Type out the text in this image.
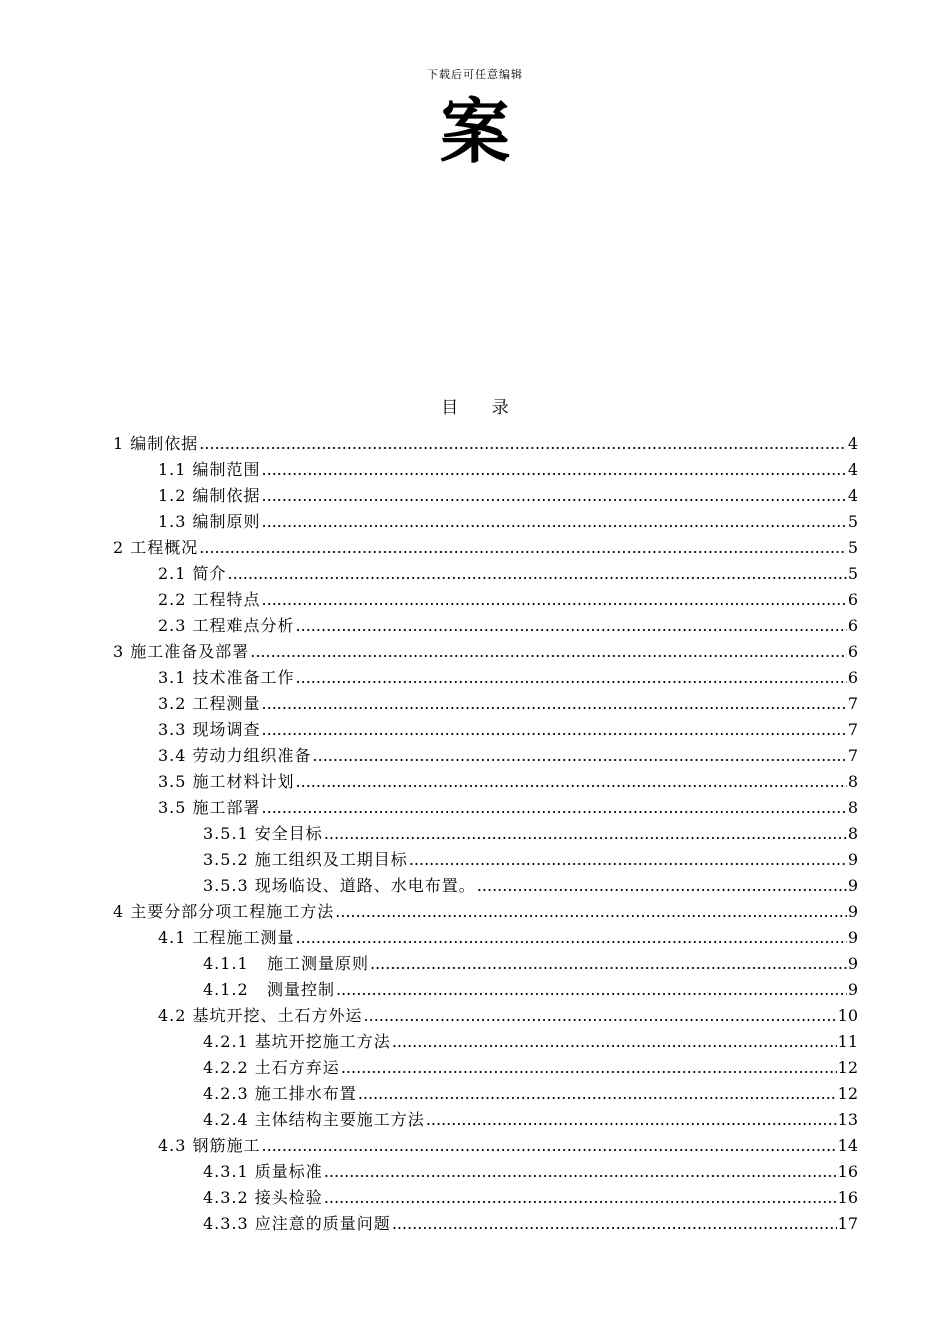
下载后可任意编辑
案
目 录
1 编制依据 .....	4
1.1 编制范围 .....	4
1.2 编制依据 .....	4
1.3 编制原则 .....	5
2 工程概况 .....	5
2.1 简介 .....	5
2.2 工程特点 .....	6
2.3 工程难点分析 .....	6
3 施工准备及部署 .....	6
3.1 技术准备工作 .....	6
3.2 工程测量 .....	7
3.3 现场调查 .....	7
3.4 劳动力组织准备 .....	7
3.5 施工材料计划 .....	8
3.5 施工部署 .....	8
3.5.1 安全目标 .....	8
3.5.2 施工组织及工期目标 .....	9
3.5.3 现场临设、道路、水电布置。 .....	9
4 主要分部分项工程施工方法 .....	9
4.1 工程施工测量 .....	9
4.1.1   施工测量原则 .....	9
4.1.2   测量控制 .....	9
4.2 基坑开挖、土石方外运 .....	10
4.2.1 基坑开挖施工方法 .....	11
4.2.2 土石方弃运 .....	12
4.2.3 施工排水布置 .....	12
4.2.4 主体结构主要施工方法 .....	13
4.3 钢筋施工 .....	14
4.3.1 质量标准 .....	16
4.3.2 接头检验 .....	16
4.3.3 应注意的质量问题 .....	17
